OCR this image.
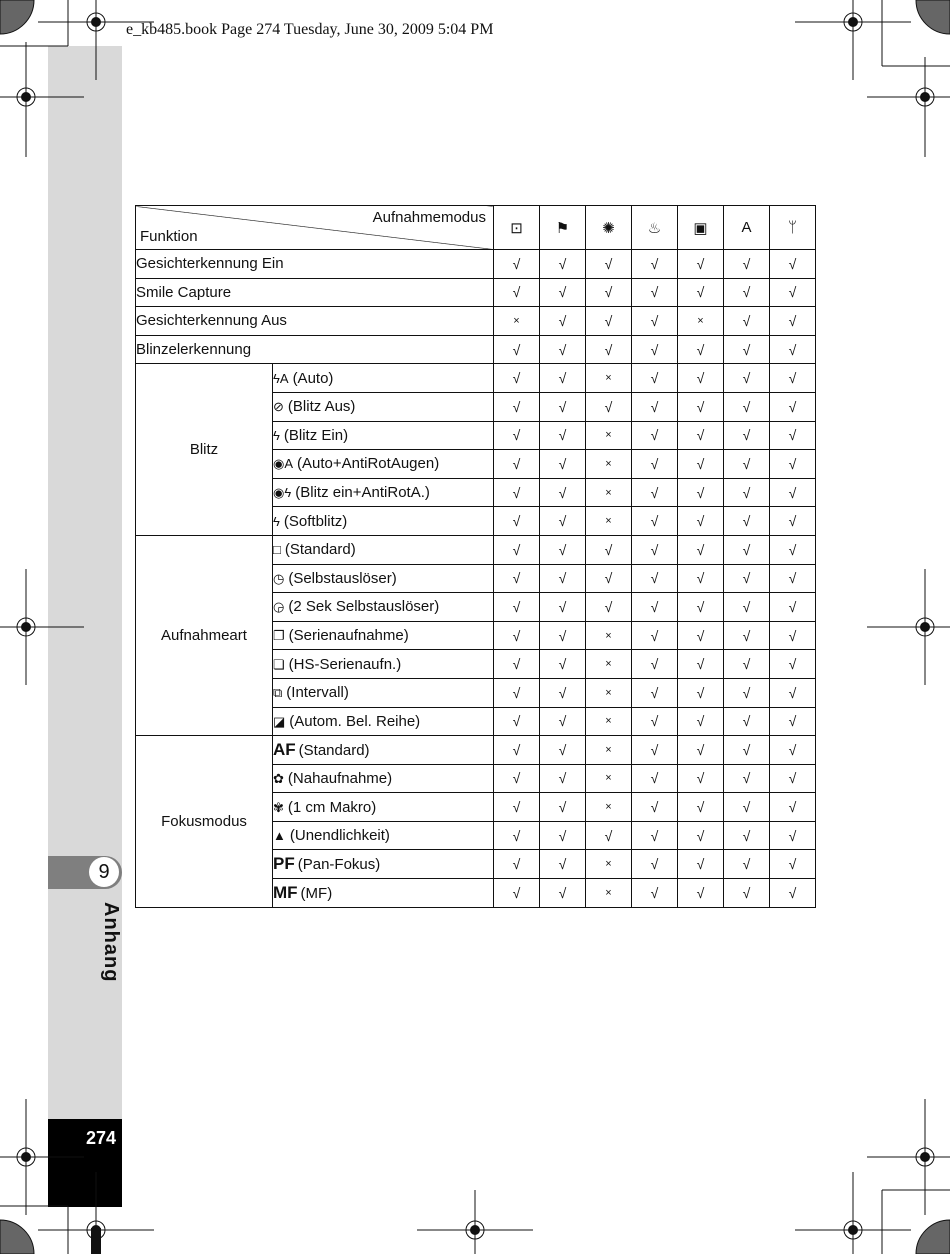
e_kb485.book Page 274 Tuesday, June 30, 2009 5:04 PM
9
Anhang
274
Aufnahmemodus
Funktion		⊡	⚑	✺	♨	▣	A	ᛘ
Gesichterkennung Ein		√	√	√	√	√	√	√
Smile Capture		√	√	√	√	√	√	√
Gesichterkennung Aus		×	√	√	√	×	√	√
Blinzelerkennung		√	√	√	√	√	√	√
Blitz	ϟA (Auto)	√	√	×	√	√	√	√
	⊘ (Blitz Aus)	√	√	√	√	√	√	√
	ϟ (Blitz Ein)	√	√	×	√	√	√	√
	◉A (Auto+AntiRotAugen)	√	√	×	√	√	√	√
	◉ϟ (Blitz ein+AntiRotA.)	√	√	×	√	√	√	√
	ϟ (Softblitz)	√	√	×	√	√	√	√
Aufnahmeart	□ (Standard)	√	√	√	√	√	√	√
	◷ (Selbstauslöser)	√	√	√	√	√	√	√
	◶ (2 Sek Selbstauslöser)	√	√	√	√	√	√	√
	❐ (Serienaufnahme)	√	√	×	√	√	√	√
	❏ (HS-Serienaufn.)	√	√	×	√	√	√	√
	⧉ (Intervall)	√	√	×	√	√	√	√
	◪ (Autom. Bel. Reihe)	√	√	×	√	√	√	√
Fokusmodus	AF (Standard)	√	√	×	√	√	√	√
	✿ (Nahaufnahme)	√	√	×	√	√	√	√
	✾ (1 cm Makro)	√	√	×	√	√	√	√
	▲ (Unendlichkeit)	√	√	√	√	√	√	√
	PF (Pan-Fokus)	√	√	×	√	√	√	√
	MF (MF)	√	√	×	√	√	√	√
